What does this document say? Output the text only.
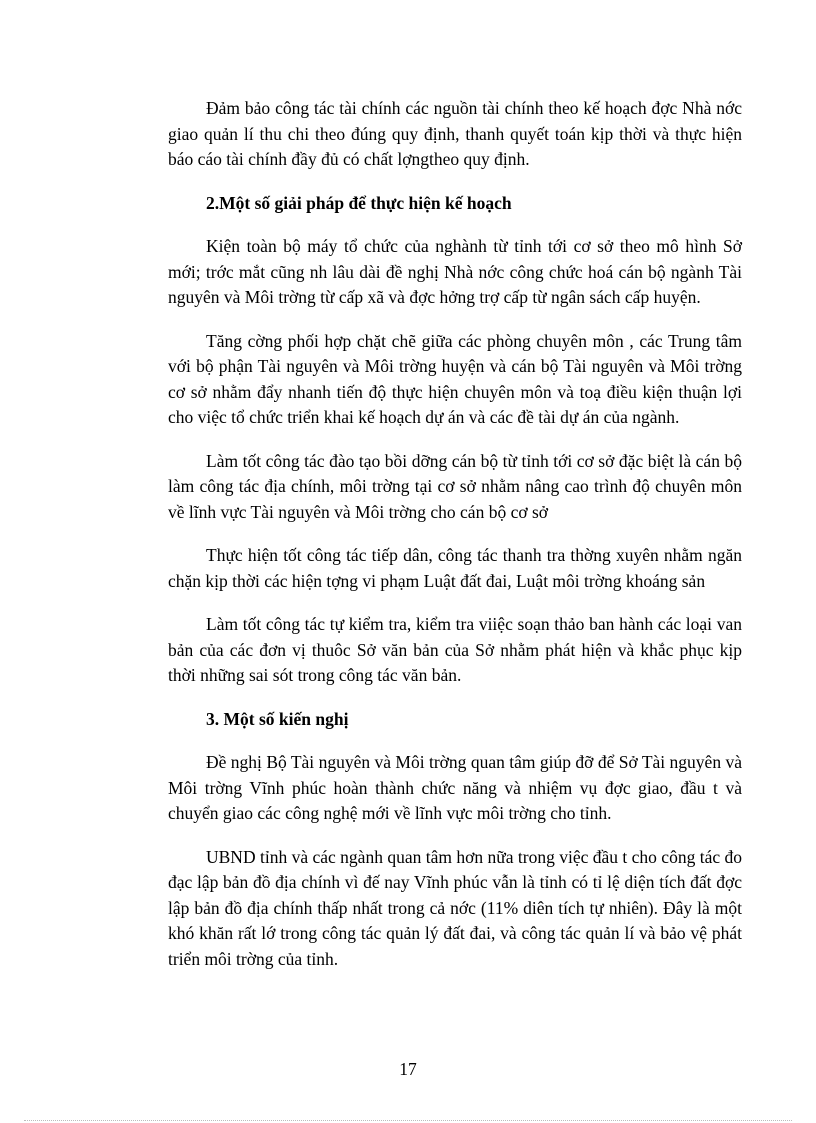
Đảm bảo công tác tài chính các nguồn tài chính theo kế hoạch đợc Nhà nớc giao quản lí thu chi theo đúng quy định, thanh quyết toán kịp thời và thực hiện báo cáo tài chính đầy đủ có chất lợngtheo quy định.

2.Một số giải pháp để thực hiện kế hoạch

Kiện toàn bộ máy tổ chức của nghành từ tỉnh tới cơ sở theo mô hình Sở mới; trớc mắt cũng nh lâu dài đề nghị Nhà nớc công chức hoá cán bộ ngành Tài nguyên và Môi trờng từ cấp xã và đợc hởng trợ cấp từ ngân sách cấp huyện.

Tăng cờng phối hợp chặt chẽ giữa các phòng chuyên môn , các Trung tâm với bộ phận Tài nguyên và Môi trờng huyện và cán bộ Tài nguyên và Môi trờng cơ sở nhằm đẩy nhanh tiến độ thực hiện chuyên môn và toạ điều kiện thuận lợi cho việc tổ chức triển khai kế hoạch dự án và các đề tài dự án của ngành.

Làm tốt công tác đào tạo bồi dỡng cán bộ từ tỉnh tới cơ sở đặc biệt là cán bộ làm công tác địa chính, môi trờng tại cơ sở nhằm nâng cao trình độ chuyên môn về lĩnh vực Tài nguyên và Môi trờng cho cán bộ cơ sở

Thực hiện tốt công tác tiếp dân, công tác thanh tra thờng xuyên nhằm ngăn chặn kịp thời các hiện tợng vi phạm Luật đất đai, Luật môi trờng khoáng sản

Làm tốt công tác tự kiểm tra, kiểm tra viiệc soạn thảo ban hành các loại van bản của các đơn vị thuôc Sở văn bản của Sở nhằm phát hiện và khắc phục kịp thời những sai sót trong công tác văn bản.

3. Một số kiến nghị

Đề nghị Bộ Tài nguyên và Môi trờng quan tâm giúp đỡ để Sở Tài nguyên và Môi trờng Vĩnh phúc hoàn thành chức năng và nhiệm vụ đợc giao, đầu t và chuyển giao các công nghệ mới về lĩnh vực môi trờng cho tỉnh.

UBND tỉnh và các ngành quan tâm hơn nữa trong việc đầu t cho công tác đo đạc lập bản đồ địa chính vì đế nay Vĩnh phúc vẫn là tỉnh có tỉ lệ diện tích đất đợc lập bản đồ địa chính thấp nhất trong cả nớc (11% diên tích tự nhiên). Đây là một khó khăn rất lớ trong công tác quản lý đất đai, và công tác quản lí và bảo vệ phát triển môi trờng của tỉnh.

17
